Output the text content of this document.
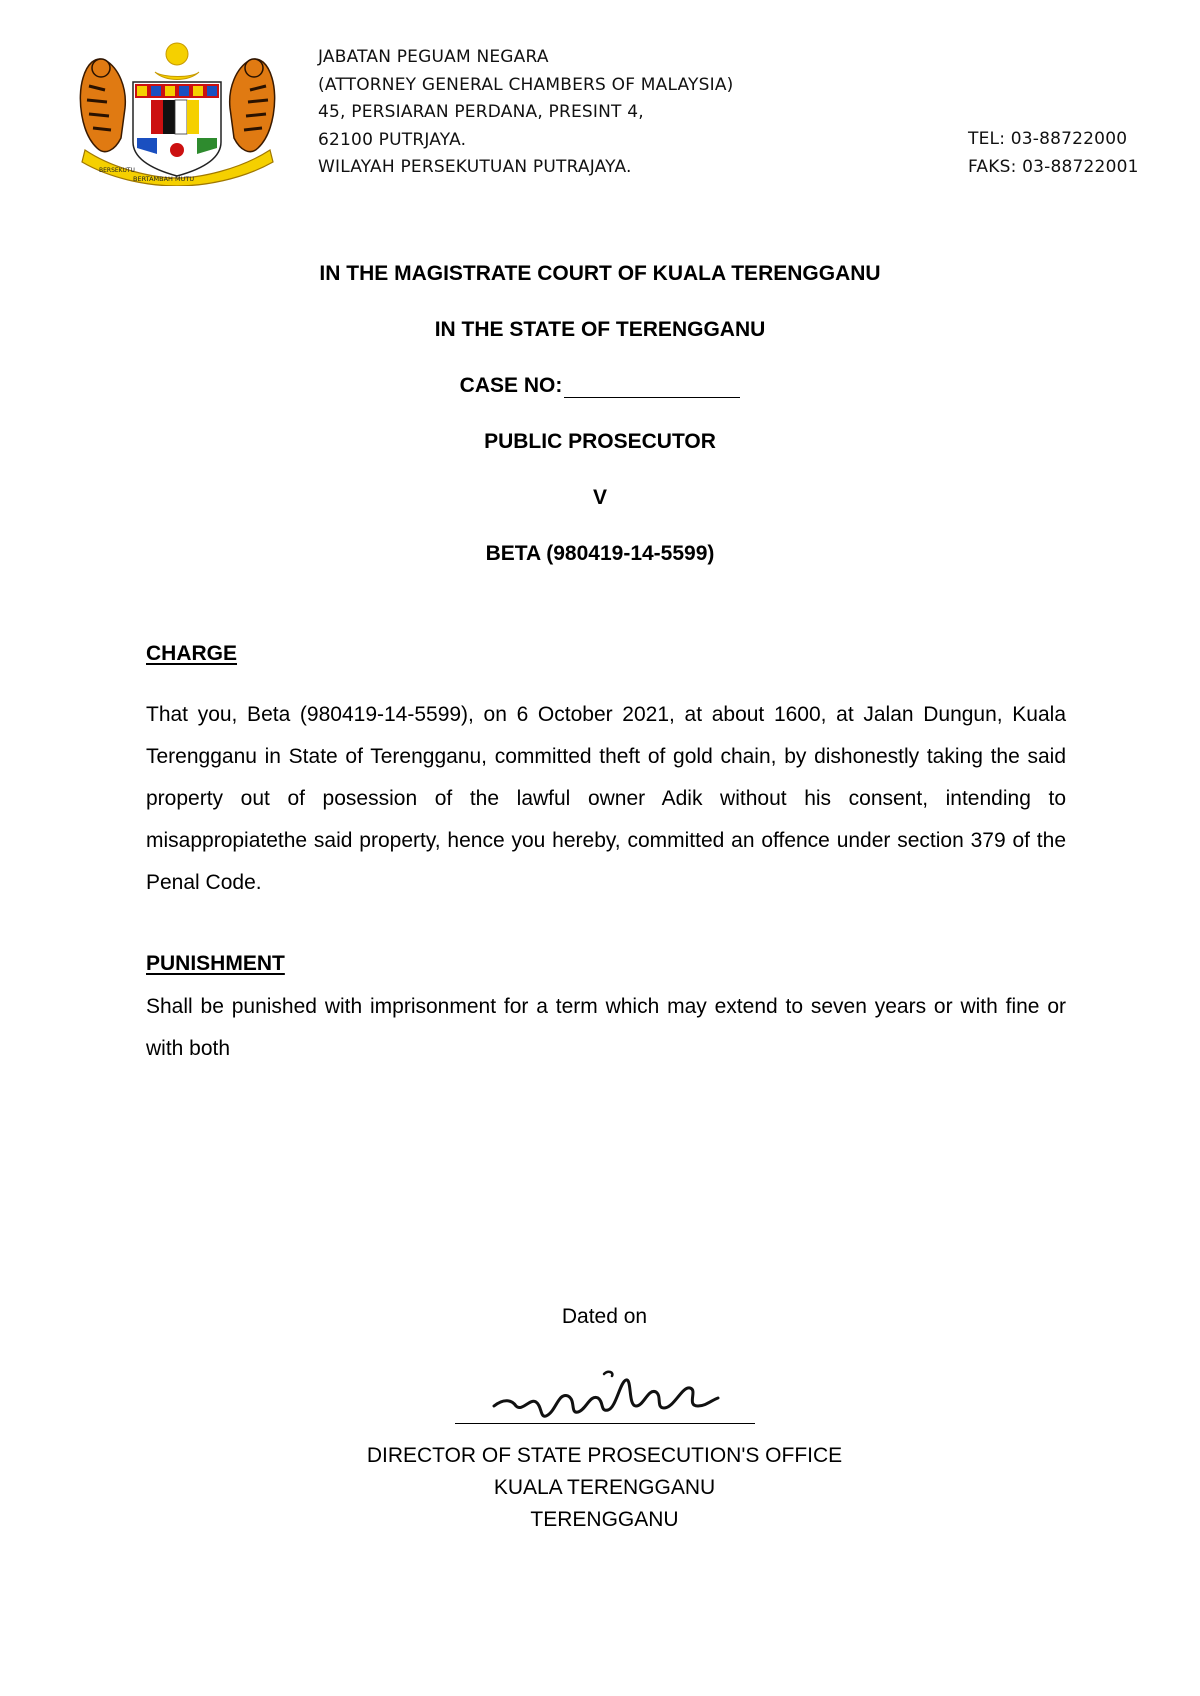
BERSEKUTU
BERTAMBAH MUTU
JABATAN PEGUAM NEGARA
(ATTORNEY GENERAL CHAMBERS OF MALAYSIA)
45, PERSIARAN PERDANA, PRESINT 4,
62100 PUTRJAYA.
WILAYAH PERSEKUTUAN PUTRAJAYA.
TEL: 03-88722000
FAKS: 03-88722001
IN THE MAGISTRATE COURT OF KUALA TERENGGANU
IN THE STATE OF TERENGGANU
CASE NO:
PUBLIC PROSECUTOR
V
BETA (980419-14-5599)
CHARGE
That you, Beta (980419-14-5599), on 6 October 2021, at about 1600, at Jalan Dungun, Kuala Terengganu in State of Terengganu, committed theft of gold chain, by dishonestly taking the said property out of posession of the lawful owner Adik without his consent, intending to misappropiatethe said property, hence you hereby, committed an offence under section 379 of the Penal Code.
PUNISHMENT
Shall be punished with imprisonment for a term which may extend to seven years or with fine or with both
Dated on
DIRECTOR OF STATE PROSECUTION'S OFFICE
KUALA TERENGGANU
TERENGGANU
